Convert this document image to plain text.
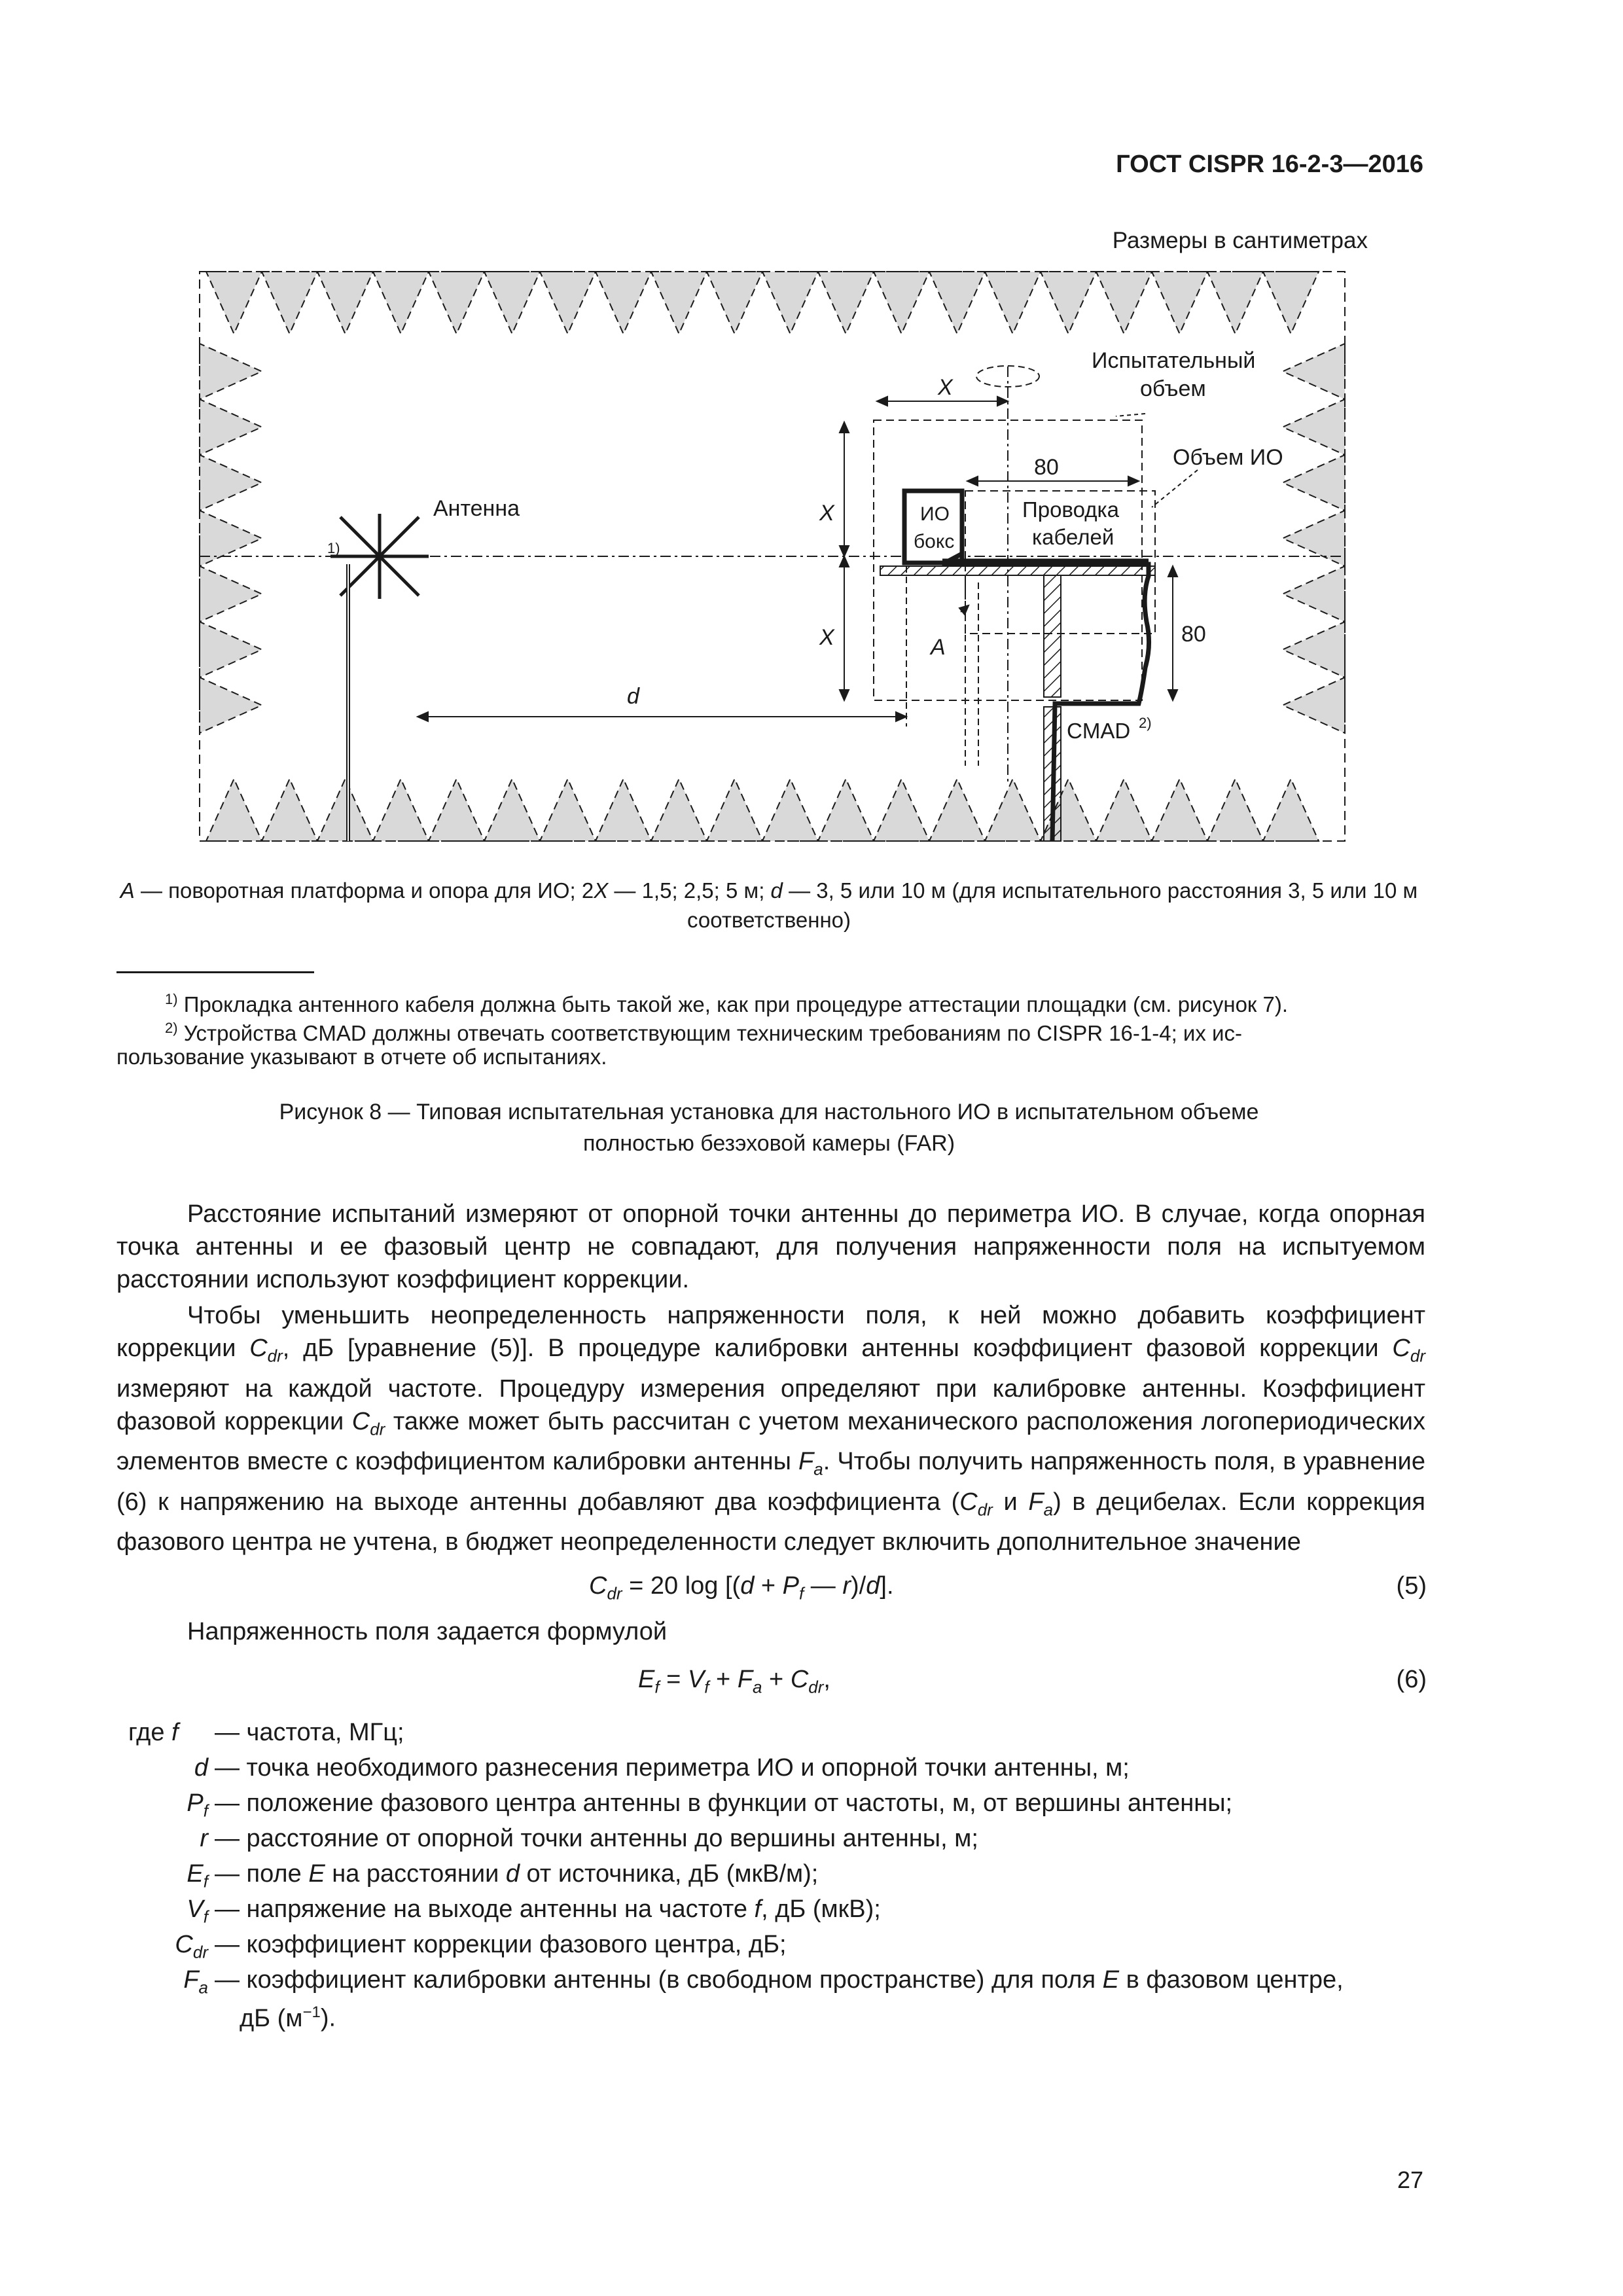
ГОСТ CISPR 16-2-3—2016
Размеры в сантиметрах
Антенна
1)
Испытательный
объем
Объем ИО
X
80
X
X
ИО
бокс
Проводка
кабелей
80
A
d
CMAD 2)
A — поворотная платформа и опора для ИО; 2X — 1,5; 2,5; 5 м; d — 3, 5 или 10 м (для испытательного расстояния 3, 5 или 10 м
соответственно)
$^{1)}$ Прокладка антенного кабеля должна быть такой же, как при процедуре аттестации площадки (см. рисунок 7).
$^{2)}$ Устройства CMAD должны отвечать соответствующим техническим требованиям по CISPR 16-1-4; их ис-
пользование указывают в отчете об испытаниях.
Рисунок 8 — Типовая испытательная установка для настольного ИО в испытательном объеме
полностью безэховой камеры (FAR)

Расстояние испытаний измеряют от опорной точки антенны до периметра ИО. В случае, когда опорная точка антенны и ее фазовый центр не совпадают, для получения напряженности поля на испытуемом расстоянии используют коэффициент коррекции.

Чтобы уменьшить неопределенность напряженности поля, к ней можно добавить коэффициент коррекции $C_{dr}$, дБ [уравнение (5)]. В процедуре калибровки антенны коэффициент фазовой коррекции $C_{dr}$ измеряют на каждой частоте. Процедуру измерения определяют при калибровке антенны. Коэффициент фазовой коррекции $C_{dr}$ также может быть рассчитан с учетом механического расположения логопериодических элементов вместе с коэффициентом калибровки антенны $F_a$. Чтобы получить напряженность поля, в уравнение (6) к напряжению на выходе антенны добавляют два коэффициента ($C_{dr}$ и $F_a$) в децибелах. Если коррекция фазового центра не учтена, в бюджет неопределенности следует включить дополнительное значение

$C_{dr} = 20$ $\log [(d + P_f$ — r)/d].	(5)

Напряженность поля задается формулой

$E_f = V_f + F_a + C_{dr}$,	(6)
где f — частота, МГц;
d — точка необходимого разнесения периметра ИО и опорной точки антенны, м;
$P_f$ — положение фазового центра антенны в функции от частоты, м, от вершины антенны;
r — расстояние от опорной точки антенны до вершины антенны, м;
$E_f$ — поле E на расстоянии d от источника, дБ (мкВ/м);
$V_f$ — напряжение на выходе антенны на частоте f, дБ (мкВ);
$C_{dr}$ — коэффициент коррекции фазового центра, дБ;
$F_a$ — коэффициент калибровки антенны (в свободном пространстве) для поля E в фазовом центре,
дБ $(м^{-1})$.
27
